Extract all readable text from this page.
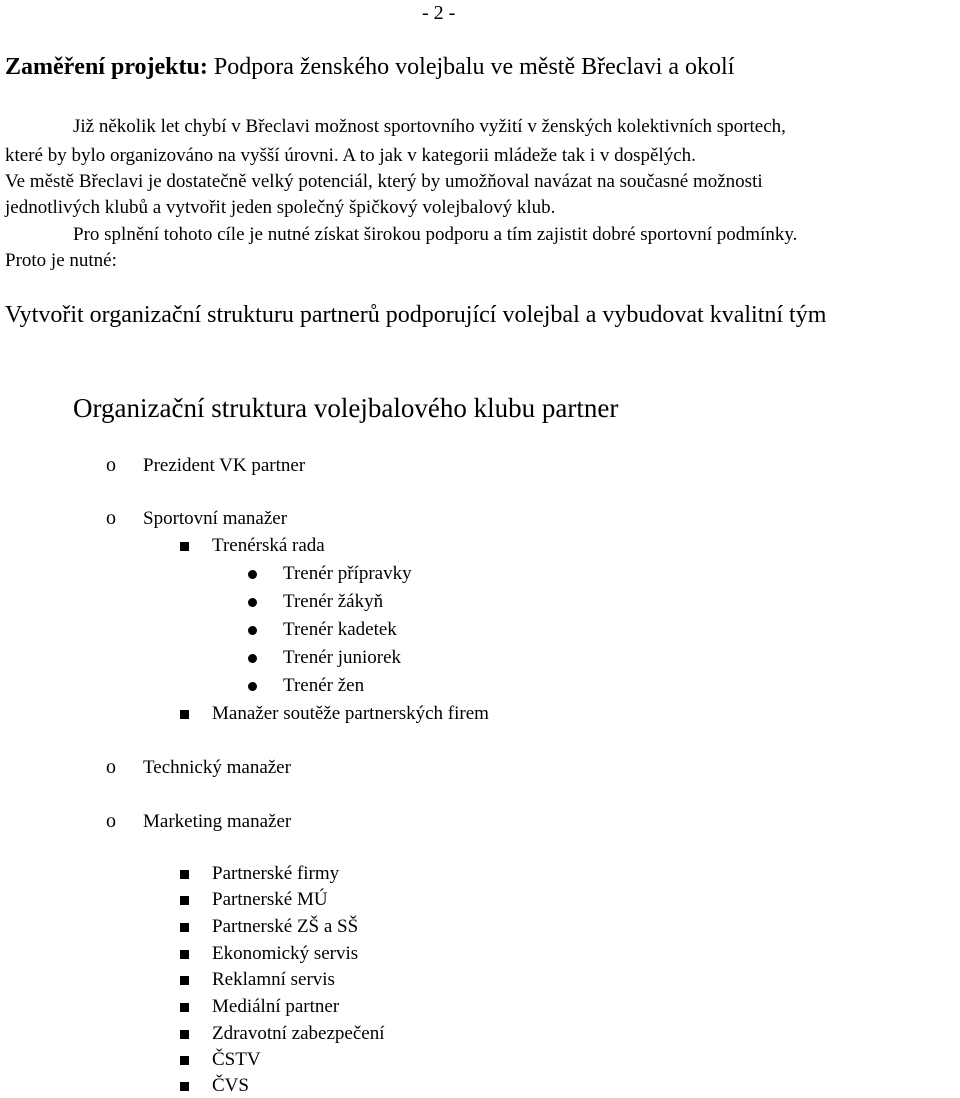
- 2 -
Zaměření projektu: Podpora ženského volejbalu ve městě Břeclavi a okolí
Již několik let chybí v Břeclavi možnost sportovního vyžití v ženských kolektivních sportech,
které by bylo organizováno na vyšší úrovni. A to jak v kategorii mládeže tak i v dospělých.
Ve městě Břeclavi je dostatečně velký potenciál, který by umožňoval navázat na současné možnosti
jednotlivých klubů a vytvořit jeden společný špičkový volejbalový klub.
Pro splnění tohoto cíle je nutné získat širokou podporu a tím zajistit dobré sportovní podmínky.
Proto je nutné:
Vytvořit organizační strukturu partnerů podporující volejbal a vybudovat kvalitní tým
Organizační struktura volejbalového klubu partner
o Prezident VK partner
o Sportovní manažer
Trenérská rada
Trenér přípravky
Trenér žákyň
Trenér kadetek
Trenér juniorek
Trenér žen
Manažer soutěže partnerských firem
o Technický manažer
o Marketing manažer
Partnerské firmy
Partnerské MÚ
Partnerské ZŠ a SŠ
Ekonomický servis
Reklamní servis
Mediální partner
Zdravotní zabezpečení
ČSTV
ČVS
